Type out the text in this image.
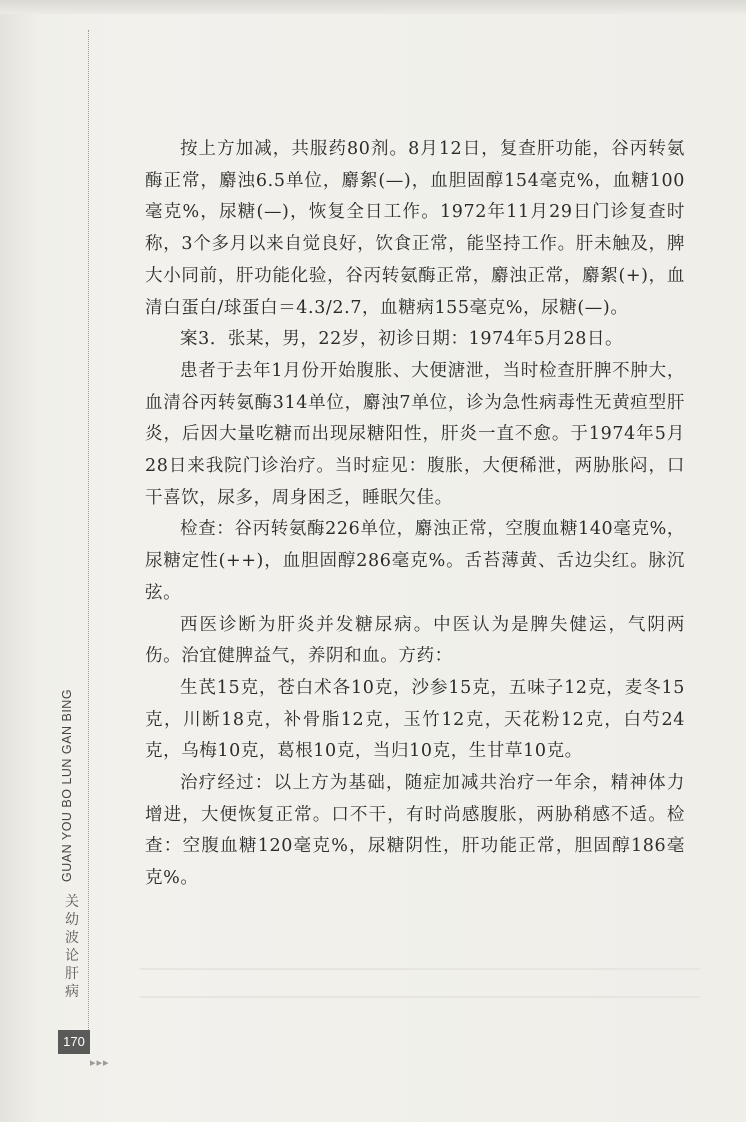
按上方加减，共服药80剂。8月12日，复查肝功能，谷丙转氨酶正常，麝浊6.5单位，麝絮(—)，血胆固醇154毫克%，血糖100毫克%，尿糖(—)，恢复全日工作。1972年11月29日门诊复查时称，3个多月以来自觉良好，饮食正常，能坚持工作。肝未触及，脾大小同前，肝功能化验，谷丙转氨酶正常，麝浊正常，麝絮(+)，血清白蛋白/球蛋白＝4.3/2.7，血糖病155毫克%，尿糖(—)。

案3．张某，男，22岁，初诊日期：1974年5月28日。

患者于去年1月份开始腹胀、大便溏泄，当时检查肝脾不肿大，血清谷丙转氨酶314单位，麝浊7单位，诊为急性病毒性无黄疸型肝炎，后因大量吃糖而出现尿糖阳性，肝炎一直不愈。于1974年5月28日来我院门诊治疗。当时症见：腹胀，大便稀泄，两胁胀闷，口干喜饮，尿多，周身困乏，睡眠欠佳。

检查：谷丙转氨酶226单位，麝浊正常，空腹血糖140毫克%，尿糖定性(++)，血胆固醇286毫克%。舌苔薄黄、舌边尖红。脉沉弦。

西医诊断为肝炎并发糖尿病。中医认为是脾失健运，气阴两伤。治宜健脾益气，养阴和血。方药：

生芪15克，苍白术各10克，沙参15克，五味子12克，麦冬15克，川断18克，补骨脂12克，玉竹12克，天花粉12克，白芍24克，乌梅10克，葛根10克，当归10克，生甘草10克。

治疗经过：以上方为基础，随症加减共治疗一年余，精神体力增进，大便恢复正常。口不干，有时尚感腹胀，两胁稍感不适。检查：空腹血糖120毫克%，尿糖阴性，肝功能正常，胆固醇186毫克%。

GUAN YOU BO LUN GAN BING
关幼波论肝病
170
▸▸▸
